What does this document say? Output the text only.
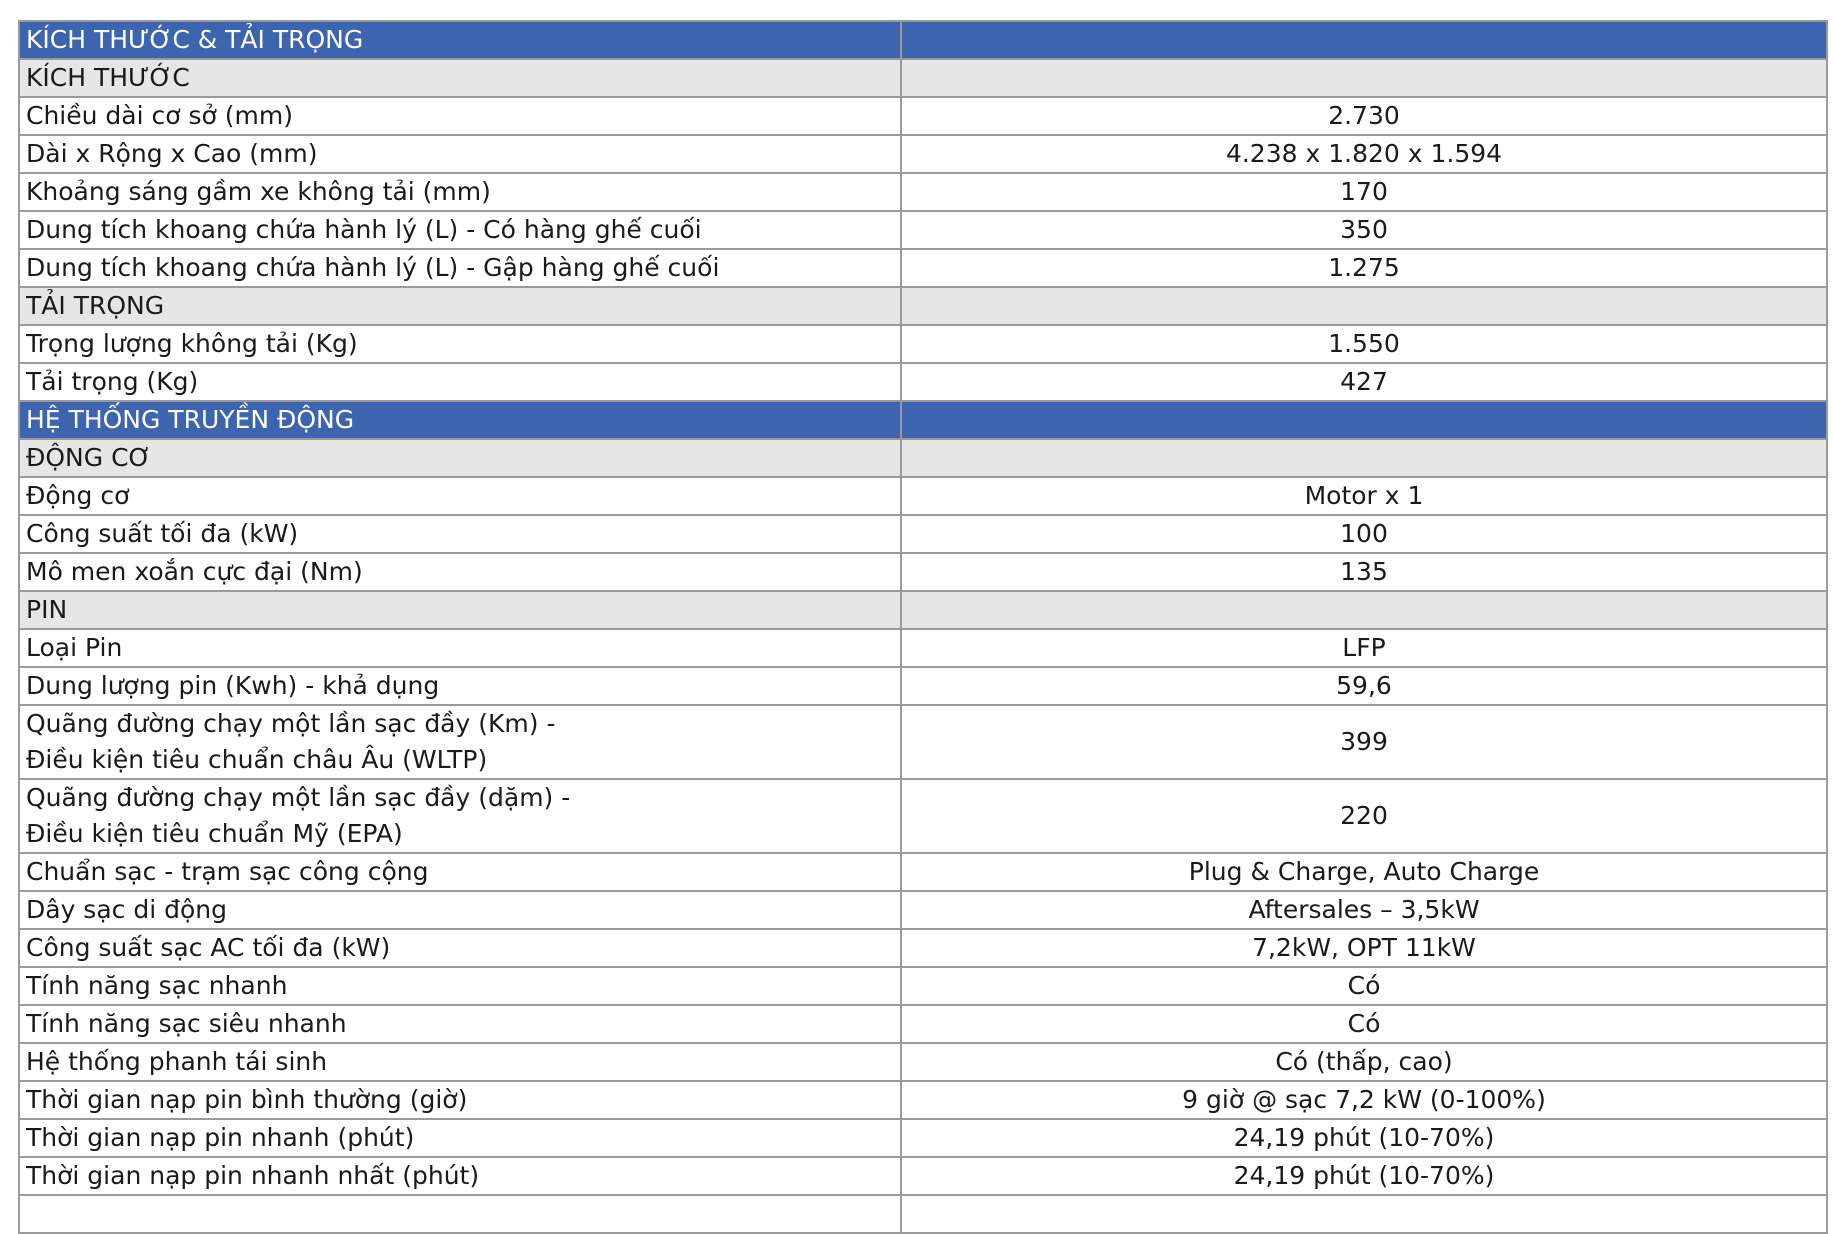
KÍCH THƯỚC & TẢI TRỌNG	
KÍCH THƯỚC	
Chiều dài cơ sở (mm)	2.730
Dài x Rộng x Cao (mm)	4.238 x 1.820 x 1.594
Khoảng sáng gầm xe không tải (mm)	170
Dung tích khoang chứa hành lý (L) - Có hàng ghế cuối	350
Dung tích khoang chứa hành lý (L) - Gập hàng ghế cuối	1.275
TẢI TRỌNG	
Trọng lượng không tải (Kg)	1.550
Tải trọng (Kg)	427
HỆ THỐNG TRUYỀN ĐỘNG	
ĐỘNG CƠ	
Động cơ	Motor x 1
Công suất tối đa (kW)	100
Mô men xoắn cực đại (Nm)	135
PIN	
Loại Pin	LFP
Dung lượng pin (Kwh) - khả dụng	59,6

Quãng đường chạy một lần sạc đầy (Km) -
Điều kiện tiêu chuẩn châu Âu (WLTP)	399

Quãng đường chạy một lần sạc đầy (dặm) -
Điều kiện tiêu chuẩn Mỹ (EPA)	220
Chuẩn sạc - trạm sạc công cộng	Plug & Charge, Auto Charge
Dây sạc di động	Aftersales – 3,5kW
Công suất sạc AC tối đa (kW)	7,2kW, OPT 11kW
Tính năng sạc nhanh	Có
Tính năng sạc siêu nhanh	Có
Hệ thống phanh tái sinh	Có (thấp, cao)
Thời gian nạp pin bình thường (giờ)	9 giờ @ sạc 7,2 kW (0-100%)
Thời gian nạp pin nhanh (phút)	24,19 phút (10-70%)
Thời gian nạp pin nhanh nhất (phút)	24,19 phút (10-70%)
